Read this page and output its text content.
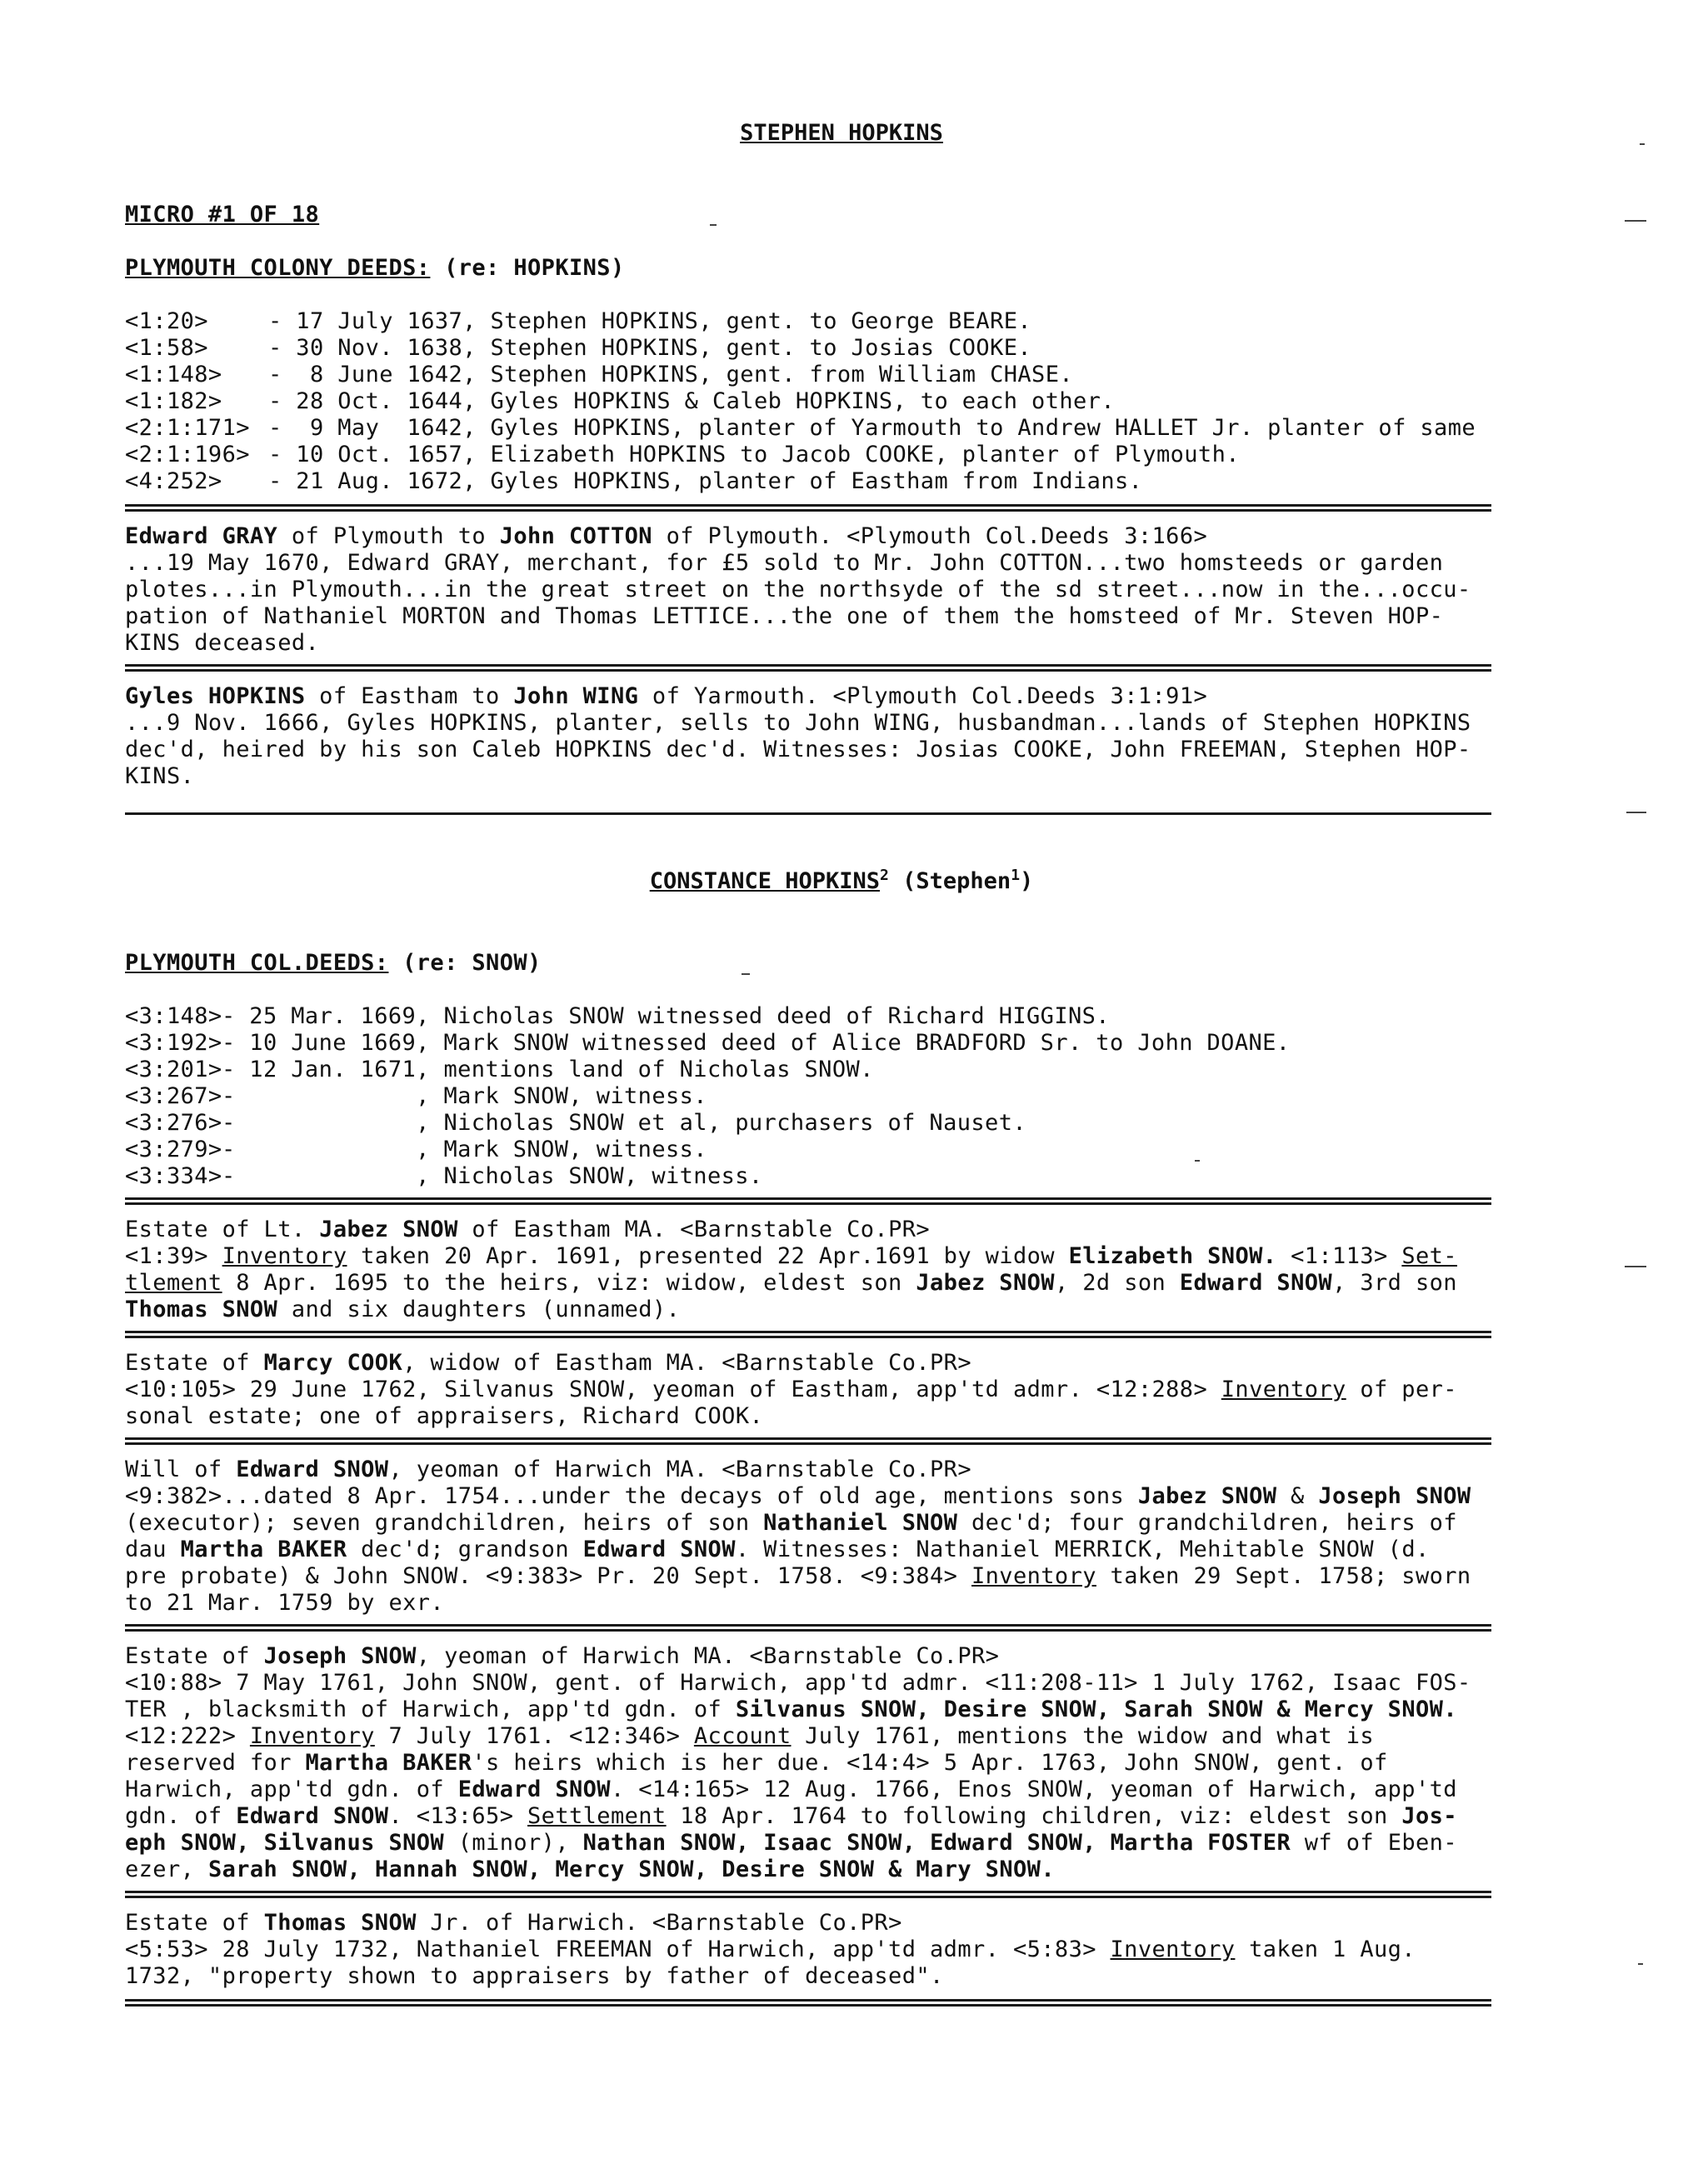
STEPHEN HOPKINS
MICRO #1 OF 18
PLYMOUTH COLONY DEEDS: (re: HOPKINS)
<1:20>	- 17 July 1637, Stephen HOPKINS, gent. to George BEARE.
<1:58>	- 30 Nov. 1638, Stephen HOPKINS, gent. to Josias COOKE.
<1:148> -  8 June 1642, Stephen HOPKINS, gent. from William CHASE.
<1:182> - 28 Oct. 1644, Gyles HOPKINS & Caleb HOPKINS, to each other.
<2:1:171> -  9 May  1642, Gyles HOPKINS, planter of Yarmouth to Andrew HALLET Jr. planter of same
<2:1:196> - 10 Oct. 1657, Elizabeth HOPKINS to Jacob COOKE, planter of Plymouth.
<4:252> - 21 Aug. 1672, Gyles HOPKINS, planter of Eastham from Indians.
Edward GRAY of Plymouth to John COTTON of Plymouth. <Plymouth Col.Deeds 3:166>
...19 May 1670, Edward GRAY, merchant, for £5 sold to Mr. John COTTON...two homsteeds or garden
plotes...in Plymouth...in the great street on the northsyde of the sd street...now in the...occu-
pation of Nathaniel MORTON and Thomas LETTICE...the one of them the homsteed of Mr. Steven HOP-
KINS deceased.
Gyles HOPKINS of Eastham to John WING of Yarmouth. <Plymouth Col.Deeds 3:1:91>
...9 Nov. 1666, Gyles HOPKINS, planter, sells to John WING, husbandman...lands of Stephen HOPKINS
dec'd, heired by his son Caleb HOPKINS dec'd. Witnesses: Josias COOKE, John FREEMAN, Stephen HOP-
KINS.
CONSTANCE HOPKINS$^2$ (Stephen$^1$)
PLYMOUTH COL.DEEDS: (re: SNOW)
<3:148>- 25 Mar. 1669, Nicholas SNOW witnessed deed of Richard HIGGINS.
<3:192>- 10 June 1669, Mark SNOW witnessed deed of Alice BRADFORD Sr. to John DOANE.
<3:201>- 12 Jan. 1671, mentions land of Nicholas SNOW.
<3:267>-             , Mark SNOW, witness.
<3:276>-             , Nicholas SNOW et al, purchasers of Nauset.
<3:279>-             , Mark SNOW, witness.
<3:334>-             , Nicholas SNOW, witness.
Estate of Lt. Jabez SNOW of Eastham MA. <Barnstable Co.PR>
<1:39> Inventory taken 20 Apr. 1691, presented 22 Apr.1691 by widow Elizabeth SNOW. <1:113> Set-
tlement 8 Apr. 1695 to the heirs, viz: widow, eldest son Jabez SNOW, 2d son Edward SNOW, 3rd son
Thomas SNOW and six daughters (unnamed).
Estate of Marcy COOK, widow of Eastham MA. <Barnstable Co.PR>
<10:105> 29 June 1762, Silvanus SNOW, yeoman of Eastham, app'td admr. <12:288> Inventory of per-
sonal estate; one of appraisers, Richard COOK.
Will of Edward SNOW, yeoman of Harwich MA. <Barnstable Co.PR>
<9:382>...dated 8 Apr. 1754...under the decays of old age, mentions sons Jabez SNOW & Joseph SNOW
(executor); seven grandchildren, heirs of son Nathaniel SNOW dec'd; four grandchildren, heirs of
dau Martha BAKER dec'd; grandson Edward SNOW. Witnesses: Nathaniel MERRICK, Mehitable SNOW (d.
pre probate) & John SNOW. <9:383> Pr. 20 Sept. 1758. <9:384> Inventory taken 29 Sept. 1758; sworn
to 21 Mar. 1759 by exr.
Estate of Joseph SNOW, yeoman of Harwich MA. <Barnstable Co.PR>
<10:88> 7 May 1761, John SNOW, gent. of Harwich, app'td admr. <11:208-11> 1 July 1762, Isaac FOS-
TER , blacksmith of Harwich, app'td gdn. of Silvanus SNOW, Desire SNOW, Sarah SNOW & Mercy SNOW.
<12:222> Inventory 7 July 1761. <12:346> Account July 1761, mentions the widow and what is
reserved for Martha BAKER's heirs which is her due. <14:4> 5 Apr. 1763, John SNOW, gent. of
Harwich, app'td gdn. of Edward SNOW. <14:165> 12 Aug. 1766, Enos SNOW, yeoman of Harwich, app'td
gdn. of Edward SNOW. <13:65> Settlement 18 Apr. 1764 to following children, viz: eldest son Jos-
eph SNOW, Silvanus SNOW (minor), Nathan SNOW, Isaac SNOW, Edward SNOW, Martha FOSTER wf of Eben-
ezer, Sarah SNOW, Hannah SNOW, Mercy SNOW, Desire SNOW & Mary SNOW.
Estate of Thomas SNOW Jr. of Harwich. <Barnstable Co.PR>
<5:53> 28 July 1732, Nathaniel FREEMAN of Harwich, app'td admr. <5:83> Inventory taken 1 Aug.
1732, "property shown to appraisers by father of deceased".
